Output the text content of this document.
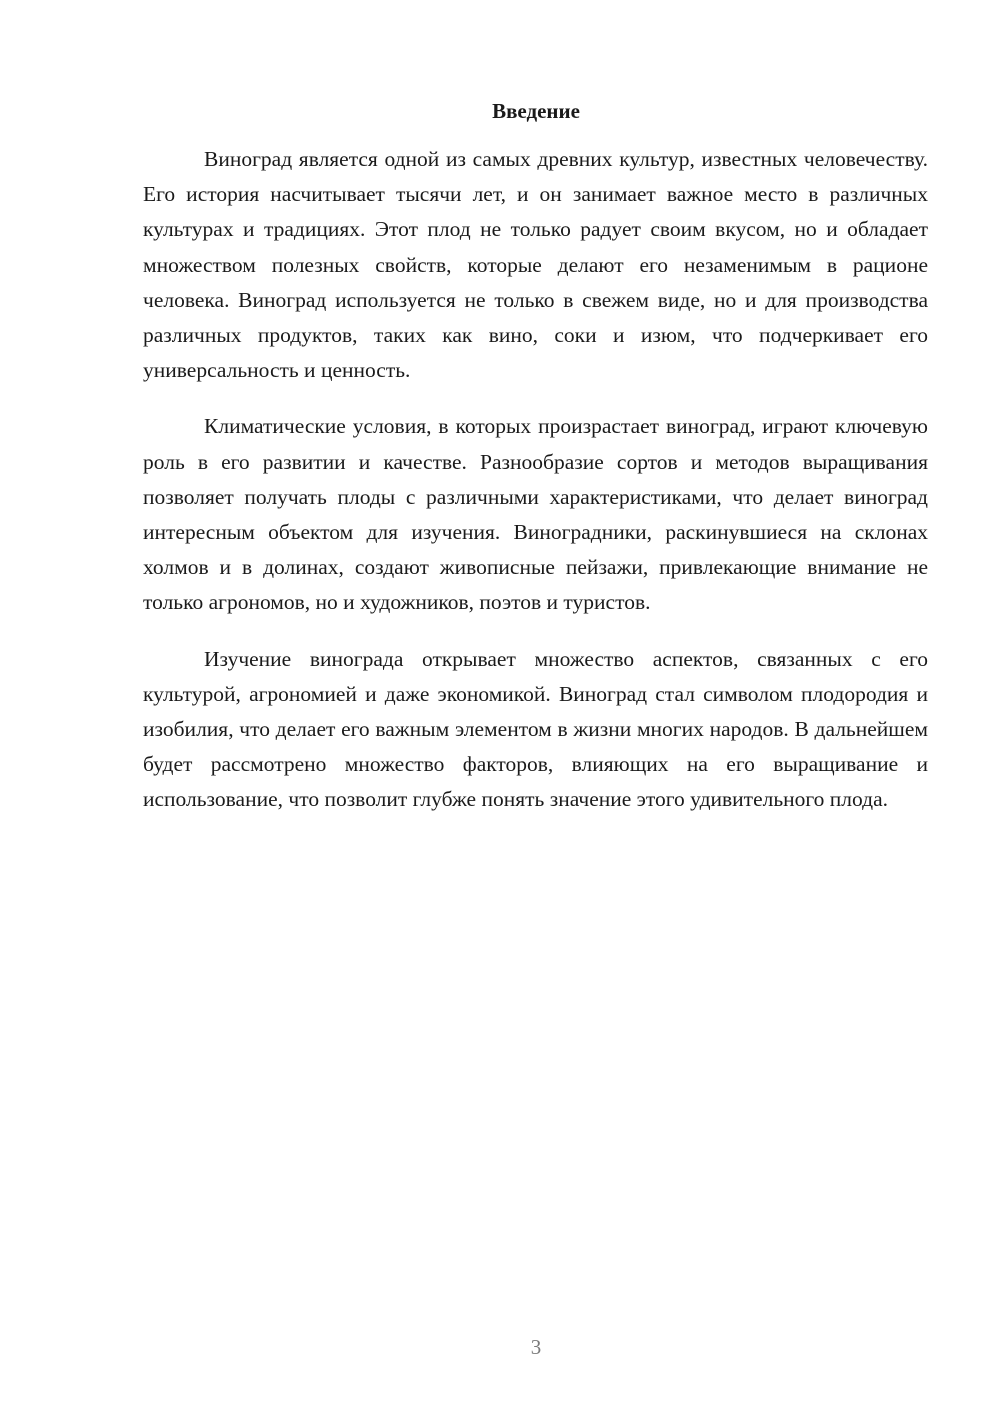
Введение

Виноград является одной из самых древних культур, известных человечеству. Его история насчитывает тысячи лет, и он занимает важное место в различных культурах и традициях. Этот плод не только радует своим вкусом, но и обладает множеством полезных свойств, которые делают его незаменимым в рационе человека. Виноград используется не только в свежем виде, но и для производства различных продуктов, таких как вино, соки и изюм, что подчеркивает его универсальность и ценность.

Климатические условия, в которых произрастает виноград, играют ключевую роль в его развитии и качестве. Разнообразие сортов и методов выращивания позволяет получать плоды с различными характеристиками, что делает виноград интересным объектом для изучения. Виноградники, раскинувшиеся на склонах холмов и в долинах, создают живописные пейзажи, привлекающие внимание не только агрономов, но и художников, поэтов и туристов.

Изучение винограда открывает множество аспектов, связанных с его культурой, агрономией и даже экономикой. Виноград стал символом плодородия и изобилия, что делает его важным элементом в жизни многих народов. В дальнейшем будет рассмотрено множество факторов, влияющих на его выращивание и использование, что позволит глубже понять значение этого удивительного плода.

3
